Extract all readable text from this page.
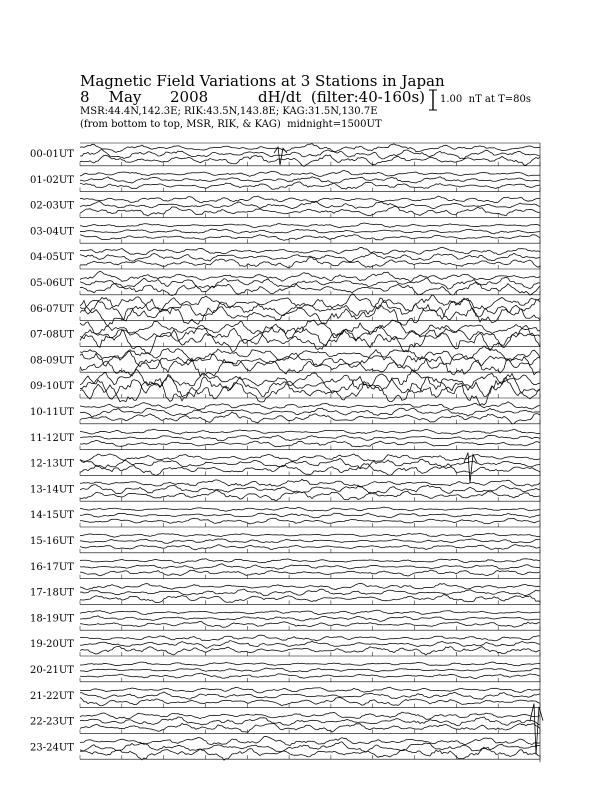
Magnetic Field Variations at 3 Stations in Japan
8    May      2008	dH/dt  (filter:40-160s)
MSR:44.4N,142.3E; RIK:43.5N,143.8E; KAG:31.5N,130.7E
(from bottom to top, MSR, RIK, & KAG)  midnight=1500UT
1.00  nT at T=80s
00-01UT
01-02UT
02-03UT
03-04UT
04-05UT
05-06UT
06-07UT
07-08UT
08-09UT
09-10UT
10-11UT
11-12UT
12-13UT
13-14UT
14-15UT
15-16UT
16-17UT
17-18UT
18-19UT
19-20UT
20-21UT
21-22UT
22-23UT
23-24UT
